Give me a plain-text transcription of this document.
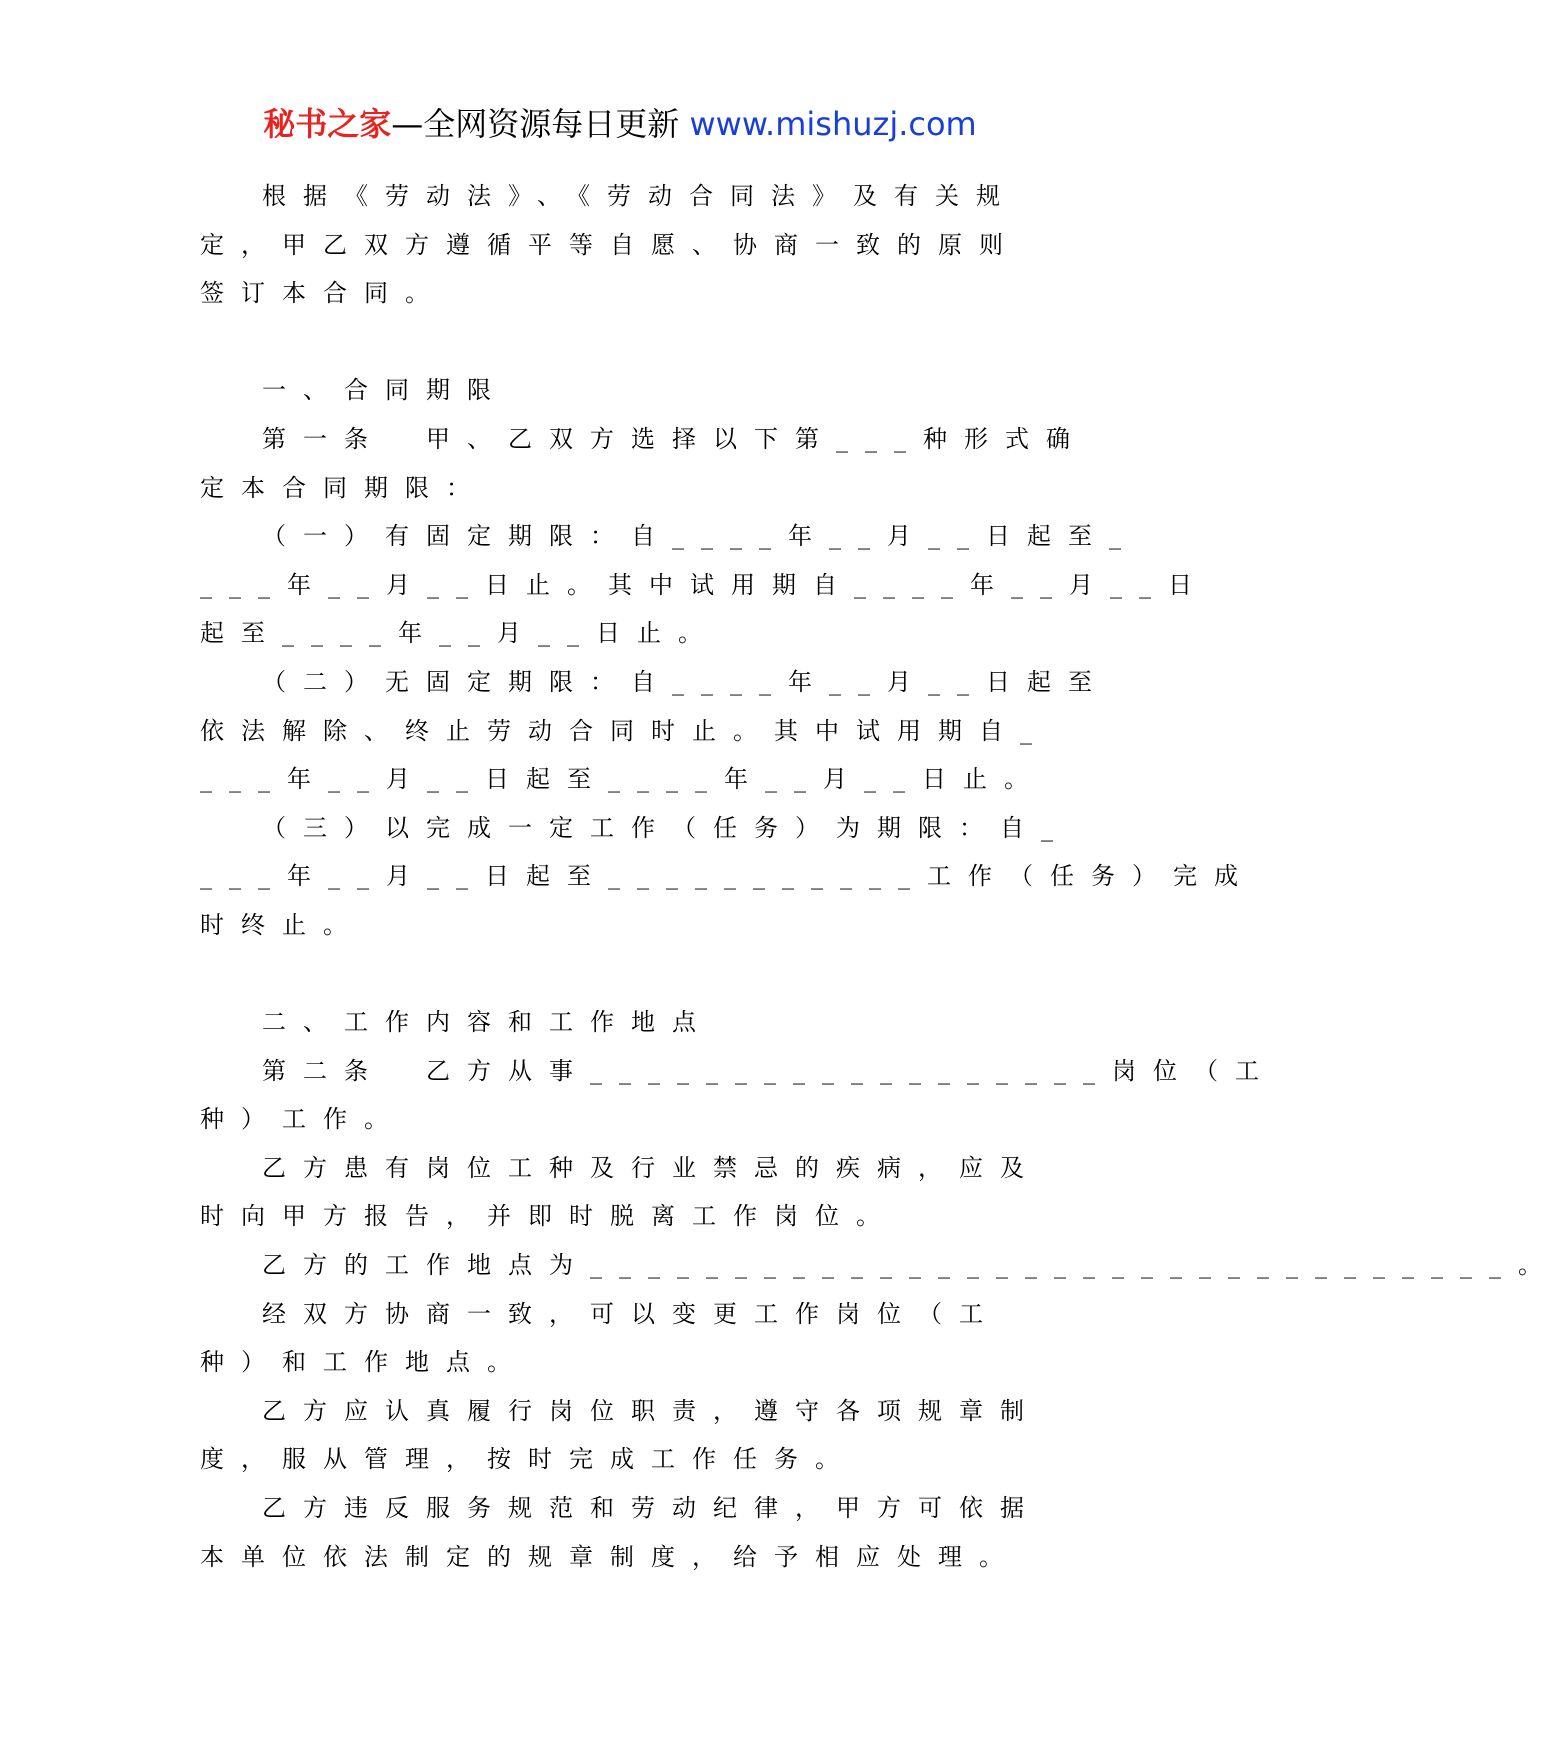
秘书之家—全网资源每日更新 www.mishuzj.com
根据《劳动法》、《劳动合同法》及有关规
定，甲乙双方遵循平等自愿、协商一致的原则
签订本合同。
一、合同期限
第一条　甲、乙双方选择以下第___种形式确
定本合同期限：
（一）有固定期限：自____年__月__日起至_
___年__月__日止。其中试用期自____年__月__日
起至____年__月__日止。
（二）无固定期限：自____年__月__日起至
依法解除、终止劳动合同时止。其中试用期自_
___年__月__日起至____年__月__日止。
（三）以完成一定工作（任务）为期限：自_
___年__月__日起至___________工作（任务）完成
时终止。
二、工作内容和工作地点
第二条　乙方从事__________________岗位（工
种）工作。
乙方患有岗位工种及行业禁忌的疾病，应及
时向甲方报告，并即时脱离工作岗位。
乙方的工作地点为________________________________。
经双方协商一致，可以变更工作岗位（工
种）和工作地点。
乙方应认真履行岗位职责，遵守各项规章制
度，服从管理，按时完成工作任务。
乙方违反服务规范和劳动纪律，甲方可依据
本单位依法制定的规章制度，给予相应处理。
